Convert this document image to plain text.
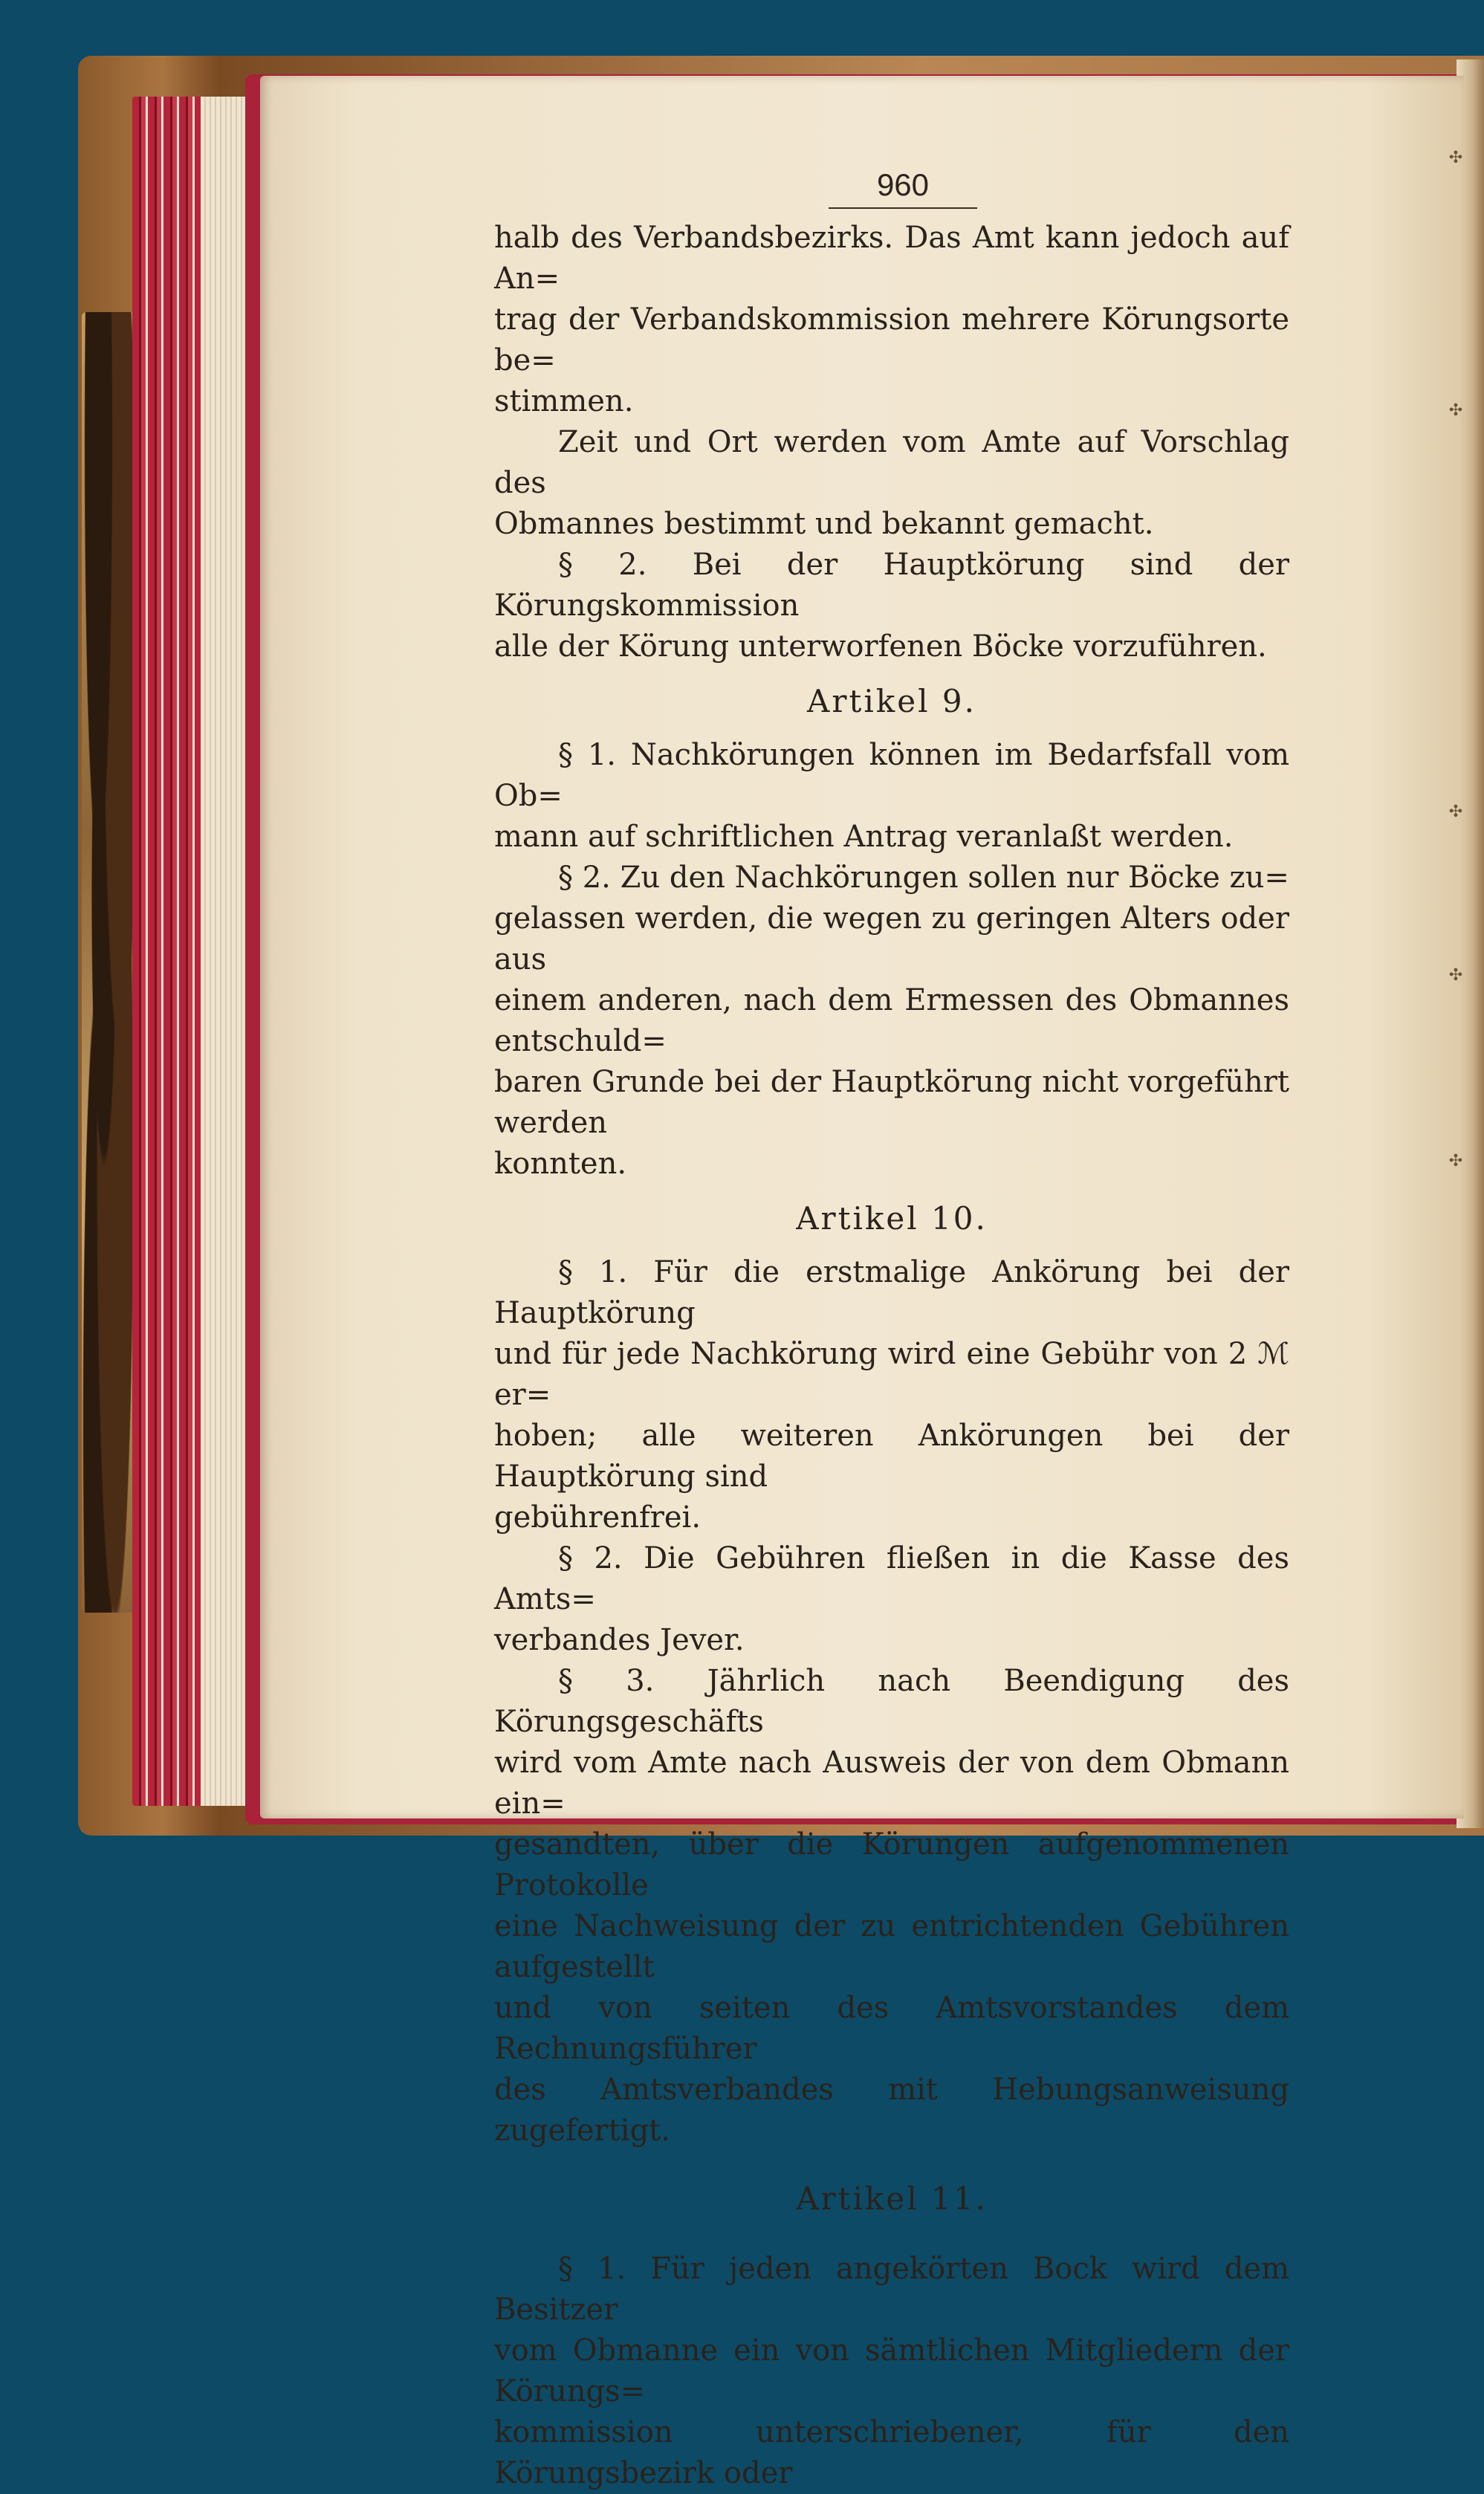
✣
✣
✣
✣
✣
960

halb des Verbandsbezirks. Das Amt kann jedoch auf An=
trag der Verbandskommission mehrere Körungsorte be=
stimmen.

Zeit und Ort werden vom Amte auf Vorschlag des
Obmannes bestimmt und bekannt gemacht.

§ 2. Bei der Hauptkörung sind der Körungskommission
alle der Körung unterworfenen Böcke vorzuführen.

Artikel 9.

§ 1. Nachkörungen können im Bedarfsfall vom Ob=
mann auf schriftlichen Antrag veranlaßt werden.

§ 2. Zu den Nachkörungen sollen nur Böcke zu=
gelassen werden, die wegen zu geringen Alters oder aus
einem anderen, nach dem Ermessen des Obmannes entschuld=
baren Grunde bei der Hauptkörung nicht vorgeführt werden
konnten.

Artikel 10.

§ 1. Für die erstmalige Ankörung bei der Hauptkörung
und für jede Nachkörung wird eine Gebühr von 2 ℳ er=
hoben; alle weiteren Ankörungen bei der Hauptkörung sind
gebührenfrei.

§ 2. Die Gebühren fließen in die Kasse des Amts=
verbandes Jever.

§ 3. Jährlich nach Beendigung des Körungsgeschäfts
wird vom Amte nach Ausweis der von dem Obmann ein=
gesandten, über die Körungen aufgenommenen Protokolle
eine Nachweisung der zu entrichtenden Gebühren aufgestellt
und von seiten des Amtsvorstandes dem Rechnungsführer
des Amtsverbandes mit Hebungsanweisung zugefertigt.

Artikel 11.

§ 1. Für jeden angekörten Bock wird dem Besitzer
vom Obmanne ein von sämtlichen Mitgliedern der Körungs=
kommission unterschriebener, für den Körungsbezirk oder
